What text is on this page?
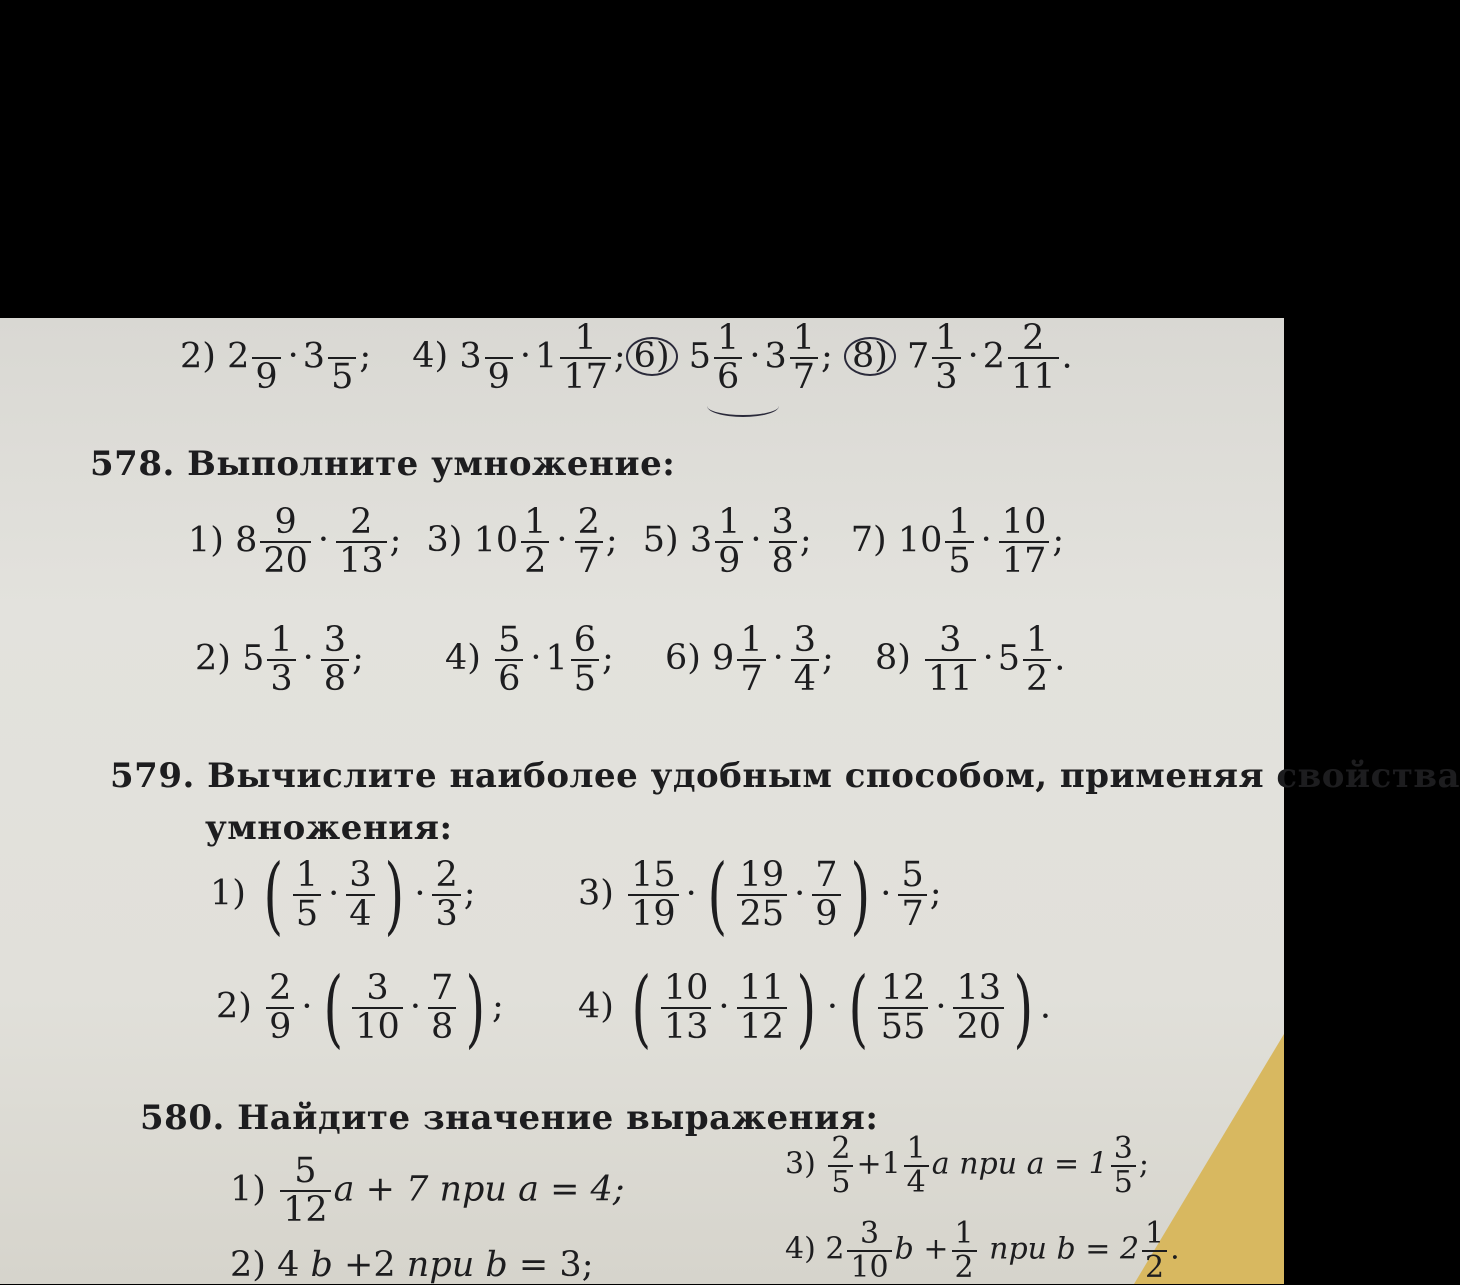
2) 2

9
· 3

5
; 4) 3

9
· $1 \frac{1}{17}$ ; 6) $5 \frac{1}{6} \cdot 3 \frac{1}{7}$ ; 8) $7 \frac{1}{3} \cdot 2 \frac{2}{11}$ .
578. Выполните умножение:
1) $8 \frac{9}{20} \cdot \frac{2}{13}$ ; 3) $10 \frac{1}{2} \cdot \frac{2}{7}$ ; 5) $3 \frac{1}{9} \cdot \frac{3}{8}$ ; 7) $10 \frac{1}{5} \cdot \frac{10}{17}$ ;
2) $5 \frac{1}{3} \cdot \frac{3}{8}$ ; $4) \frac{5}{6} \cdot 1 \frac{6}{5}$ ; 6) $9 \frac{1}{7} \cdot \frac{3}{4}$ ; $8) \frac{3}{11} \cdot 5 \frac{1}{2}$ .
579. Вычислите наиболее удобным способом, применяя свойства
умножения:
1) ( $\frac{1}{5} \cdot \frac{3}{4}$ ) · $\frac{2}{3}$ ;	$3) \frac{15}{19}$ · ( $\frac{19}{25} \cdot \frac{7}{9}$ ) · $\frac{5}{7}$ ;
$2) \frac{2}{9}$ · ( $\frac{3}{10} \cdot \frac{7}{8}$ ) ; 4) ( $\frac{10}{13} \cdot \frac{11}{12}$ ) · ( $\frac{12}{55} \cdot \frac{13}{20}$ ) .
580. Найдите значение выражения:
$1) \frac{5}{12}$ a + 7 при a = 4;
$3) \frac{2}{5} +1 \frac{1}{4}$ a при $a = 1 \frac{3}{5}$ ;
2) 4 b +2 при b = 3;	4) $2 \frac{3}{10}$ $b + \frac{1}{2}$ при $b = 2 \frac{1}{2}$ .
